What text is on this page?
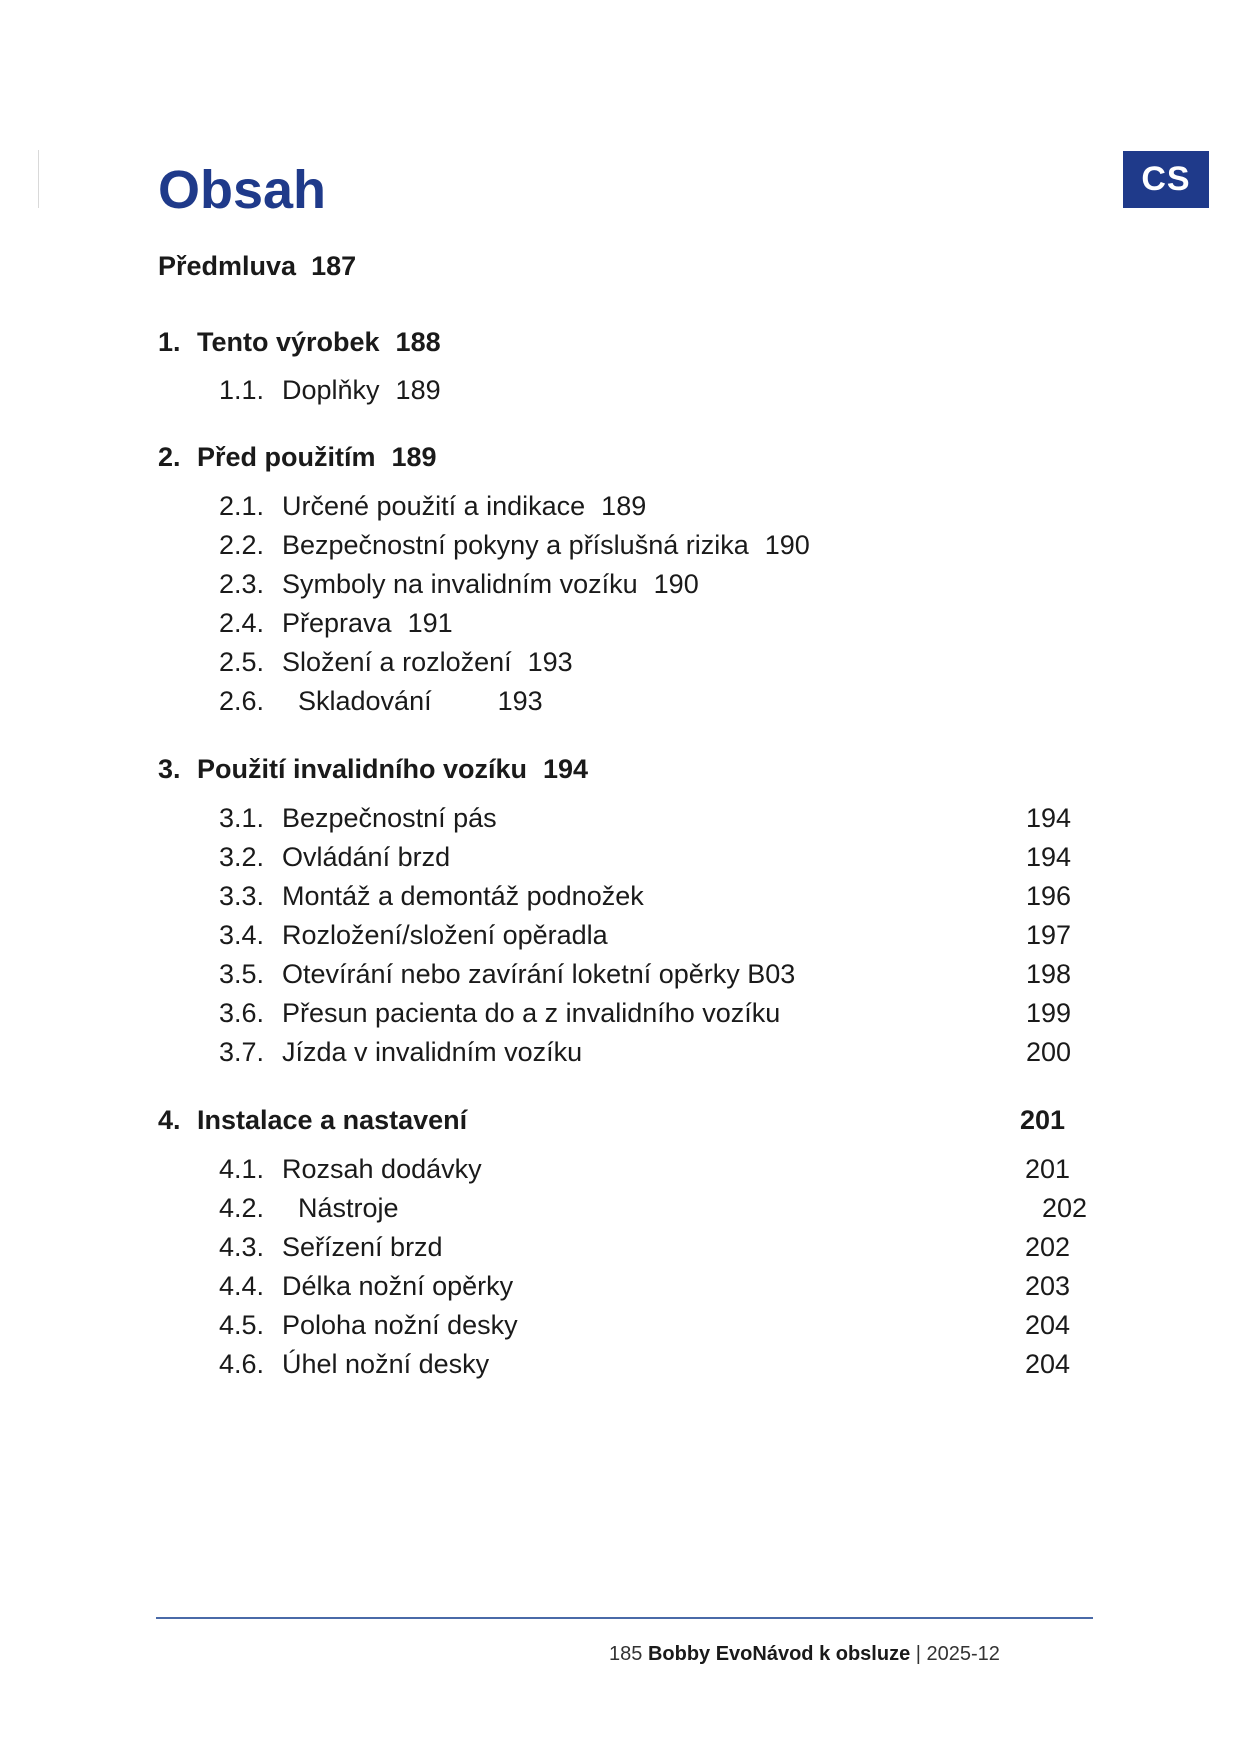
CS
Obsah
Předmluva 187
1. Tento výrobek 188
1.1. Doplňky 189
2. Před použitím 189
2.1. Určené použití a indikace 189
2.2. Bezpečnostní pokyny a příslušná rizika 190
2.3. Symboly na invalidním vozíku 190
2.4. Přeprava 191
2.5. Složení a rozložení 193
2.6. Skladování 193
3. Použití invalidního vozíku 194
3.1. Bezpečnostní pás	194
3.2. Ovládání brzd	194
3.3. Montáž a demontáž podnožek	196
3.4. Rozložení/složení opěradla	197
3.5. Otevírání nebo zavírání loketní opěrky B03	198
3.6. Přesun pacienta do a z invalidního vozíku	199
3.7. Jízda v invalidním vozíku	200
4. Instalace a nastavení	201
4.1. Rozsah dodávky	201
4.2. Nástroje	202
4.3. Seřízení brzd	202
4.4. Délka nožní opěrky	203
4.5. Poloha nožní desky	204
4.6. Úhel nožní desky	204
185 Bobby EvoNávod k obsluze | 2025-12
